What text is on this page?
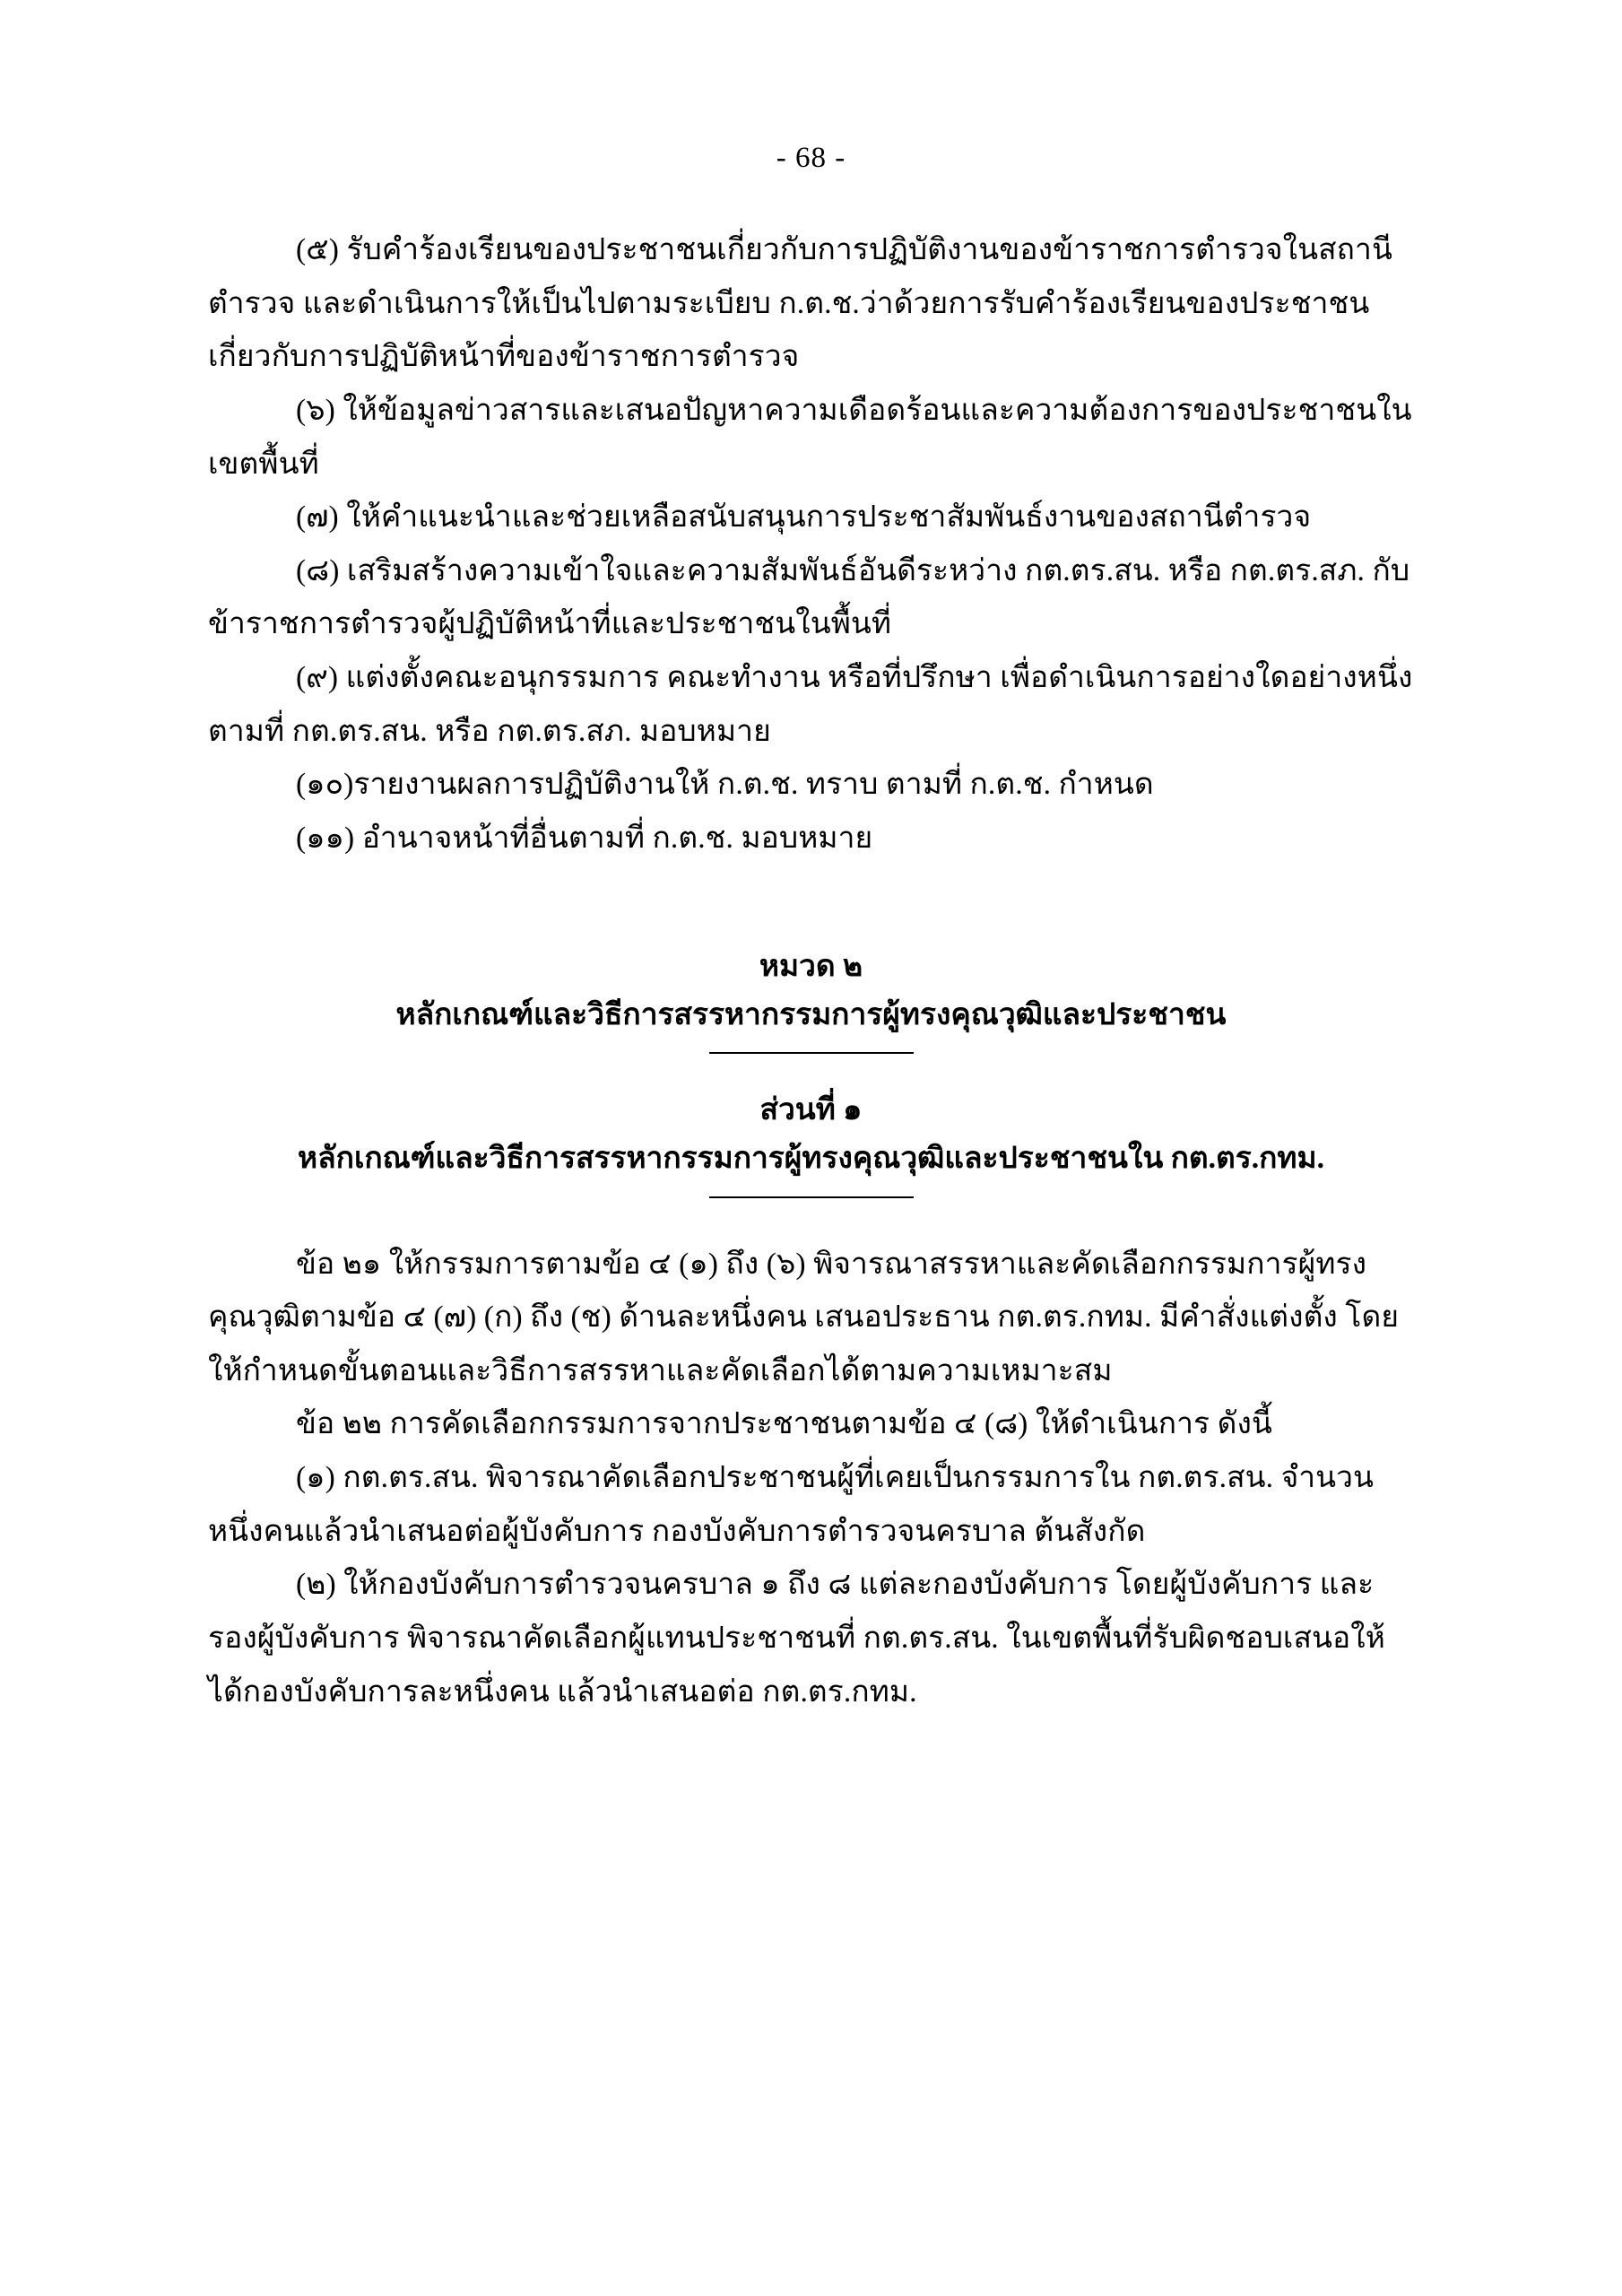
- 68 -

(๕) รับคำร้องเรียนของประชาชนเกี่ยวกับการปฏิบัติงานของข้าราชการตำรวจในสถานีตำรวจ และดำเนินการให้เป็นไปตามระเบียบ ก.ต.ช.ว่าด้วยการรับคำร้องเรียนของประชาชนเกี่ยวกับการปฏิบัติหน้าที่ของข้าราชการตำรวจ

(๖) ให้ข้อมูลข่าวสารและเสนอปัญหาความเดือดร้อนและความต้องการของประชาชนในเขตพื้นที่

(๗) ให้คำแนะนำและช่วยเหลือสนับสนุนการประชาสัมพันธ์งานของสถานีตำรวจ

(๘) เสริมสร้างความเข้าใจและความสัมพันธ์อันดีระหว่าง กต.ตร.สน. หรือ กต.ตร.สภ. กับข้าราชการตำรวจผู้ปฏิบัติหน้าที่และประชาชนในพื้นที่

(๙) แต่งตั้งคณะอนุกรรมการ คณะทำงาน หรือที่ปรึกษา เพื่อดำเนินการอย่างใดอย่างหนึ่งตามที่ กต.ตร.สน. หรือ กต.ตร.สภ. มอบหมาย

(๑๐)รายงานผลการปฏิบัติงานให้ ก.ต.ช. ทราบ ตามที่ ก.ต.ช. กำหนด

(๑๑) อำนาจหน้าที่อื่นตามที่ ก.ต.ช. มอบหมาย

หมวด ๒
หลักเกณฑ์และวิธีการสรรหากรรมการผู้ทรงคุณวุฒิและประชาชน
ส่วนที่ ๑
หลักเกณฑ์และวิธีการสรรหากรรมการผู้ทรงคุณวุฒิและประชาชนใน กต.ตร.กทม.

ข้อ ๒๑ ให้กรรมการตามข้อ ๔ (๑) ถึง (๖) พิจารณาสรรหาและคัดเลือกกรรมการผู้ทรงคุณวุฒิตามข้อ ๔ (๗) (ก) ถึง (ช) ด้านละหนึ่งคน เสนอประธาน กต.ตร.กทม. มีคำสั่งแต่งตั้ง โดยให้กำหนดขั้นตอนและวิธีการสรรหาและคัดเลือกได้ตามความเหมาะสม

ข้อ ๒๒ การคัดเลือกกรรมการจากประชาชนตามข้อ ๔ (๘) ให้ดำเนินการ ดังนี้

(๑) กต.ตร.สน. พิจารณาคัดเลือกประชาชนผู้ที่เคยเป็นกรรมการใน กต.ตร.สน. จำนวนหนึ่งคนแล้วนำเสนอต่อผู้บังคับการ กองบังคับการตำรวจนครบาล ต้นสังกัด

(๒) ให้กองบังคับการตำรวจนครบาล ๑ ถึง ๘ แต่ละกองบังคับการ โดยผู้บังคับการ และรองผู้บังคับการ พิจารณาคัดเลือกผู้แทนประชาชนที่ กต.ตร.สน. ในเขตพื้นที่รับผิดชอบเสนอให้ได้กองบังคับการละหนึ่งคน แล้วนำเสนอต่อ กต.ตร.กทม.
